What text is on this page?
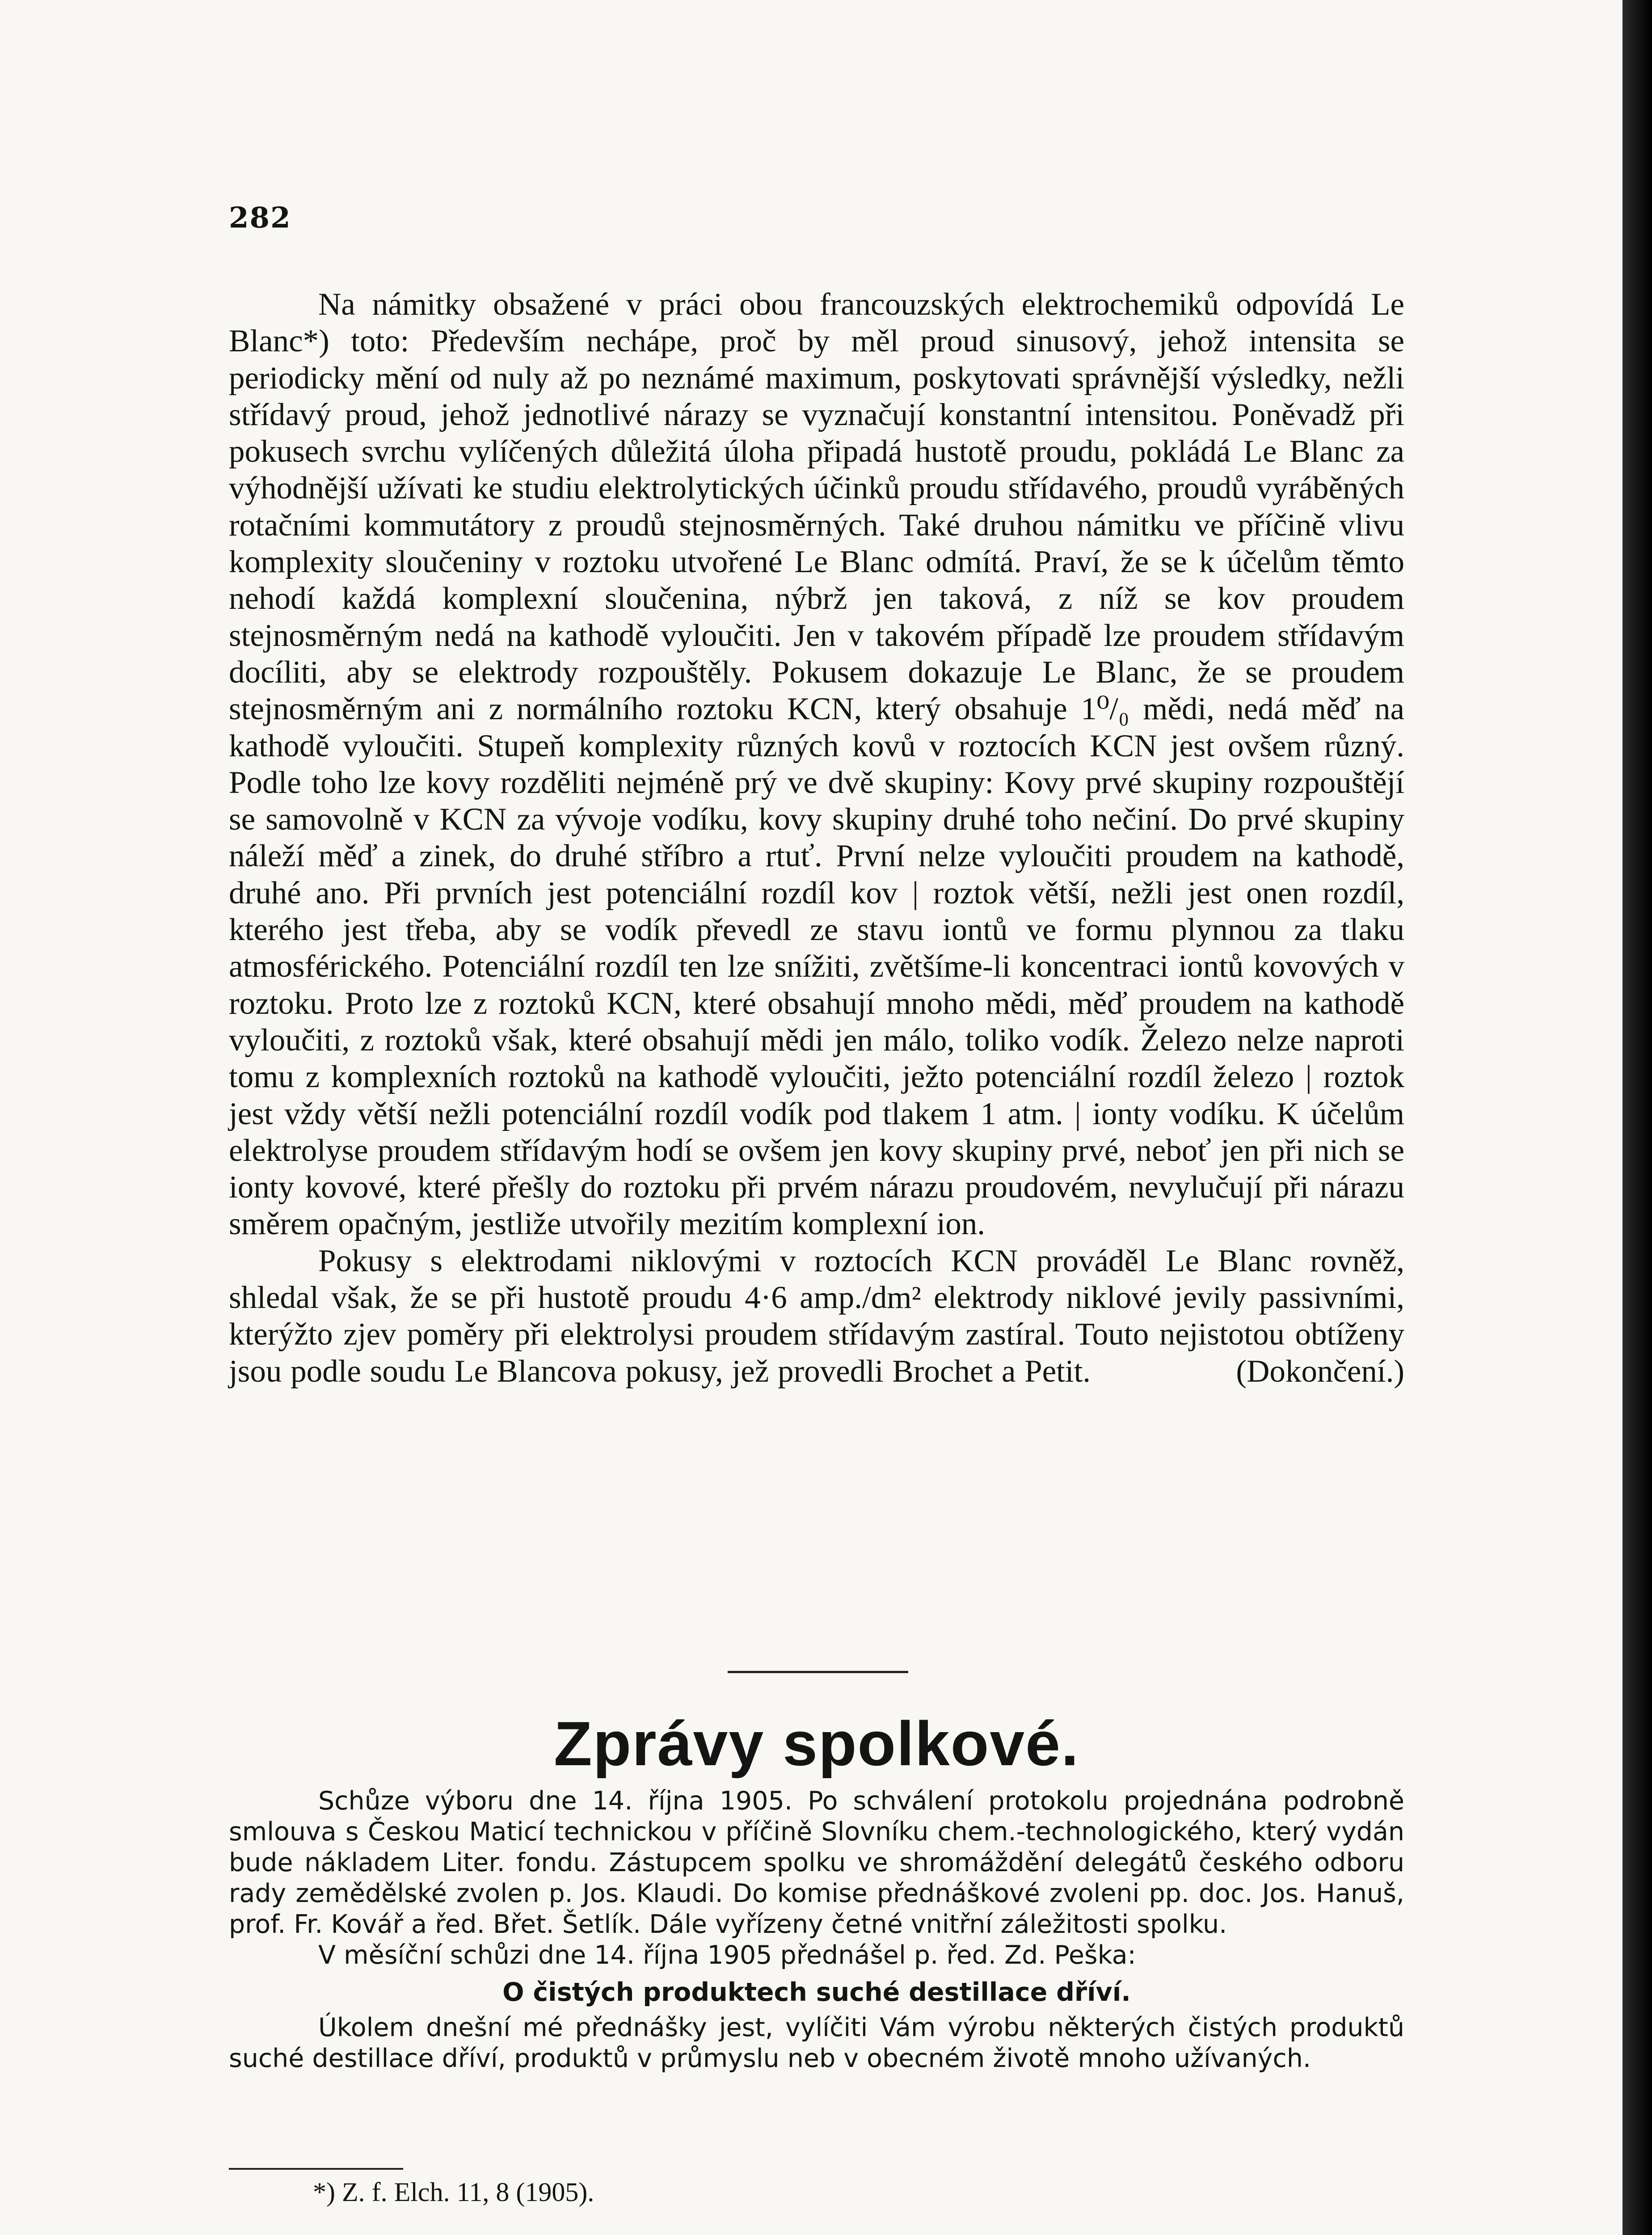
282

Na námitky obsažené v práci obou francouzských elektrochemiků odpovídá Le Blanc*) toto: Především nechápe, proč by měl proud sinusový, jehož intensita se periodicky mění od nuly až po neznámé maximum, poskytovati správnější výsledky, nežli střídavý proud, jehož jednotlivé nárazy se vyznačují konstantní intensitou. Poněvadž při pokusech svrchu vylíčených důležitá úloha připadá hustotě proudu, pokládá Le Blanc za výhodnější užívati ke studiu elektrolytických účinků proudu střídavého, proudů vyráběných rotačními kommutátory z proudů stejnosměrných. Také druhou námitku ve příčině vlivu komplexity sloučeniny v roztoku utvořené Le Blanc odmítá. Praví, že se k účelům těmto nehodí každá komplexní sloučenina, nýbrž jen taková, z níž se kov proudem stejnosměrným nedá na kathodě vyloučiti. Jen v takovém případě lze proudem střídavým docíliti, aby se elektrody rozpouštěly. Pokusem dokazuje Le Blanc, že se proudem stejnosměrným ani z normálního roztoku KCN, který obsahuje 1⁰/₀ mědi, nedá měď na kathodě vyloučiti. Stupeň komplexity různých kovů v roztocích KCN jest ovšem různý. Podle toho lze kovy rozděliti nejméně prý ve dvě skupiny: Kovy prvé skupiny rozpouštějí se samovolně v KCN za vývoje vodíku, kovy skupiny druhé toho nečiní. Do prvé skupiny náleží měď a zinek, do druhé stříbro a rtuť. První nelze vyloučiti proudem na kathodě, druhé ano. Při prvních jest potenciální rozdíl kov | roztok větší, nežli jest onen rozdíl, kterého jest třeba, aby se vodík převedl ze stavu iontů ve formu plynnou za tlaku atmosférického. Potenciální rozdíl ten lze snížiti, zvětšíme-li koncentraci iontů kovových v roztoku. Proto lze z roztoků KCN, které obsahují mnoho mědi, měď proudem na kathodě vyloučiti, z roztoků však, které obsahují mědi jen málo, toliko vodík. Železo nelze naproti tomu z komplexních roztoků na kathodě vyloučiti, ježto potenciální rozdíl železo | roztok jest vždy větší nežli potenciální rozdíl vodík pod tlakem 1 atm. | ionty vodíku. K účelům elektrolyse proudem střídavým hodí se ovšem jen kovy skupiny prvé, neboť jen při nich se ionty kovové, které přešly do roztoku při prvém nárazu proudovém, nevylučují při nárazu směrem opačným, jestliže utvořily mezitím komplexní ion.

Pokusy s elektrodami niklovými v roztocích KCN prováděl Le Blanc rovněž, shledal však, že se při hustotě proudu 4·6 amp./dm² elektrody niklové jevily passivními, kterýžto zjev poměry při elektrolysi proudem střídavým zastíral. Touto nejistotou obtíženy jsou podle soudu Le Blancova pokusy, jež provedli Brochet a Petit.	(Dokončení.)

Zprávy spolkové.

Schůze výboru dne 14. října 1905. Po schválení protokolu projednána podrobně smlouva s Českou Maticí technickou v příčině Slovníku chem.-technologického, který vydán bude nákladem Liter. fondu. Zástupcem spolku ve shromáždění delegátů českého odboru rady zemědělské zvolen p. Jos. Klaudi. Do komise přednáškové zvoleni pp. doc. Jos. Hanuš, prof. Fr. Kovář a řed. Břet. Šetlík. Dále vyřízeny četné vnitřní záležitosti spolku.

V měsíční schůzi dne 14. října 1905 přednášel p. řed. Zd. Peška:

O čistých produktech suché destillace dříví.

Úkolem dnešní mé přednášky jest, vylíčiti Vám výrobu některých čistých produktů suché destillace dříví, produktů v průmyslu neb v obecném životě mnoho užívaných.

*) Z. f. Elch. 11, 8 (1905).
